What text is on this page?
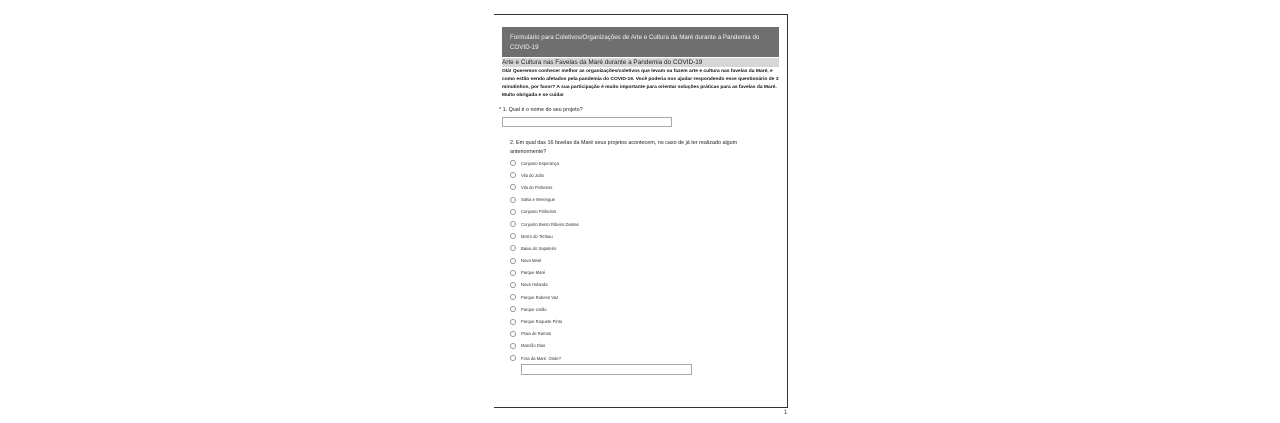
Formulário para Coletivos/Organizações de Arte e Cultura da Maré durante a Pandemia do COVID-19
Arte e Cultura nas Favelas da Maré durante a Pandemia do COVID-19
Olá! Queremos conhecer melhor as organizações/coletivos que levam ou fazem arte e cultura nas favelas da Maré, e como estão sendo afetados pela pandemia do COVID-19. Você poderia nos ajudar respondendo esse questionário de 3 minutinhos, por favor? A sua participação é muito importante para orientar soluções práticas para as favelas da Maré. Muito obrigada e se cuida!
* 1. Qual é o nome do seu projeto?
2. Em qual das 16 favelas da Maré seus projetos acontecem, no caso de já ter realizado algum anteriormente?
Conjunto Esperança
Vila do João
Vila do Pinheiros
Salsa e Merengue
Conjunto Pinheiros
Conjunto Bento Ribeiro Dantas
Morro do Timbau
Baixa do Sapateiro
Nova Maré
Parque Maré
Nova Holanda
Parque Rubens Vaz
Parque União
Parque Roquete Pinto
Praia de Ramos
Marcílio Dias
Fora da Maré. Onde?
1
